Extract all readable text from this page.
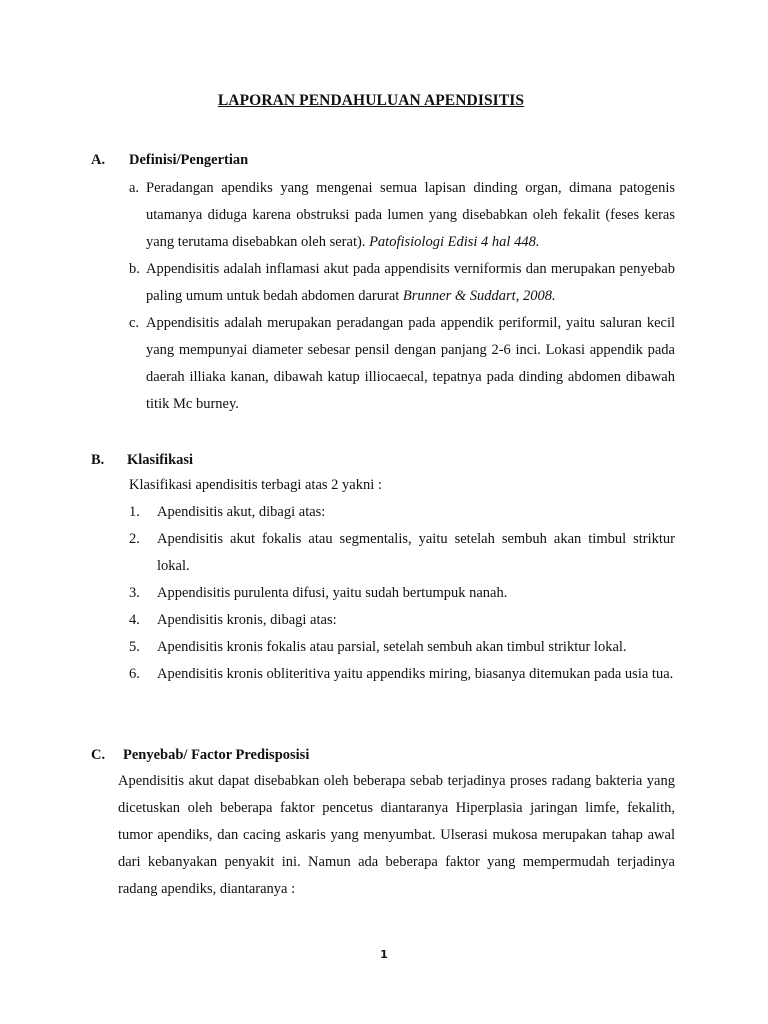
LAPORAN PENDAHULUAN APENDISITIS
A. Definisi/Pengertian
a. Peradangan apendiks yang mengenai semua lapisan dinding organ, dimana patogenis utamanya diduga karena obstruksi pada lumen yang disebabkan oleh fekalit (feses keras yang terutama disebabkan oleh serat). Patofisiologi Edisi 4 hal 448.
b. Appendisitis adalah inflamasi akut pada appendisits verniformis dan merupakan penyebab paling umum untuk bedah abdomen darurat Brunner & Suddart, 2008.
c. Appendisitis adalah merupakan peradangan pada appendik periformil, yaitu saluran kecil yang mempunyai diameter sebesar pensil dengan panjang 2-6 inci. Lokasi appendik pada daerah illiaka kanan, dibawah katup illiocaecal, tepatnya pada dinding abdomen dibawah titik Mc burney.
B. Klasifikasi
Klasifikasi apendisitis terbagi atas 2 yakni :
1. Apendisitis akut, dibagi atas:
2. Apendisitis akut fokalis atau segmentalis, yaitu setelah sembuh akan timbul striktur lokal.
3. Appendisitis purulenta difusi, yaitu sudah bertumpuk nanah.
4. Apendisitis kronis, dibagi atas:
5. Apendisitis kronis fokalis atau parsial, setelah sembuh akan timbul striktur lokal.
6. Apendisitis kronis obliteritiva yaitu appendiks miring, biasanya ditemukan pada usia tua.
C. Penyebab/ Factor Predisposisi
Apendisitis akut dapat disebabkan oleh beberapa sebab terjadinya proses radang bakteria yang dicetuskan oleh beberapa faktor pencetus diantaranya Hiperplasia jaringan limfe, fekalith, tumor apendiks, dan cacing askaris yang menyumbat. Ulserasi mukosa merupakan tahap awal dari kebanyakan penyakit ini. Namun ada beberapa faktor yang mempermudah terjadinya radang apendiks, diantaranya :
1
